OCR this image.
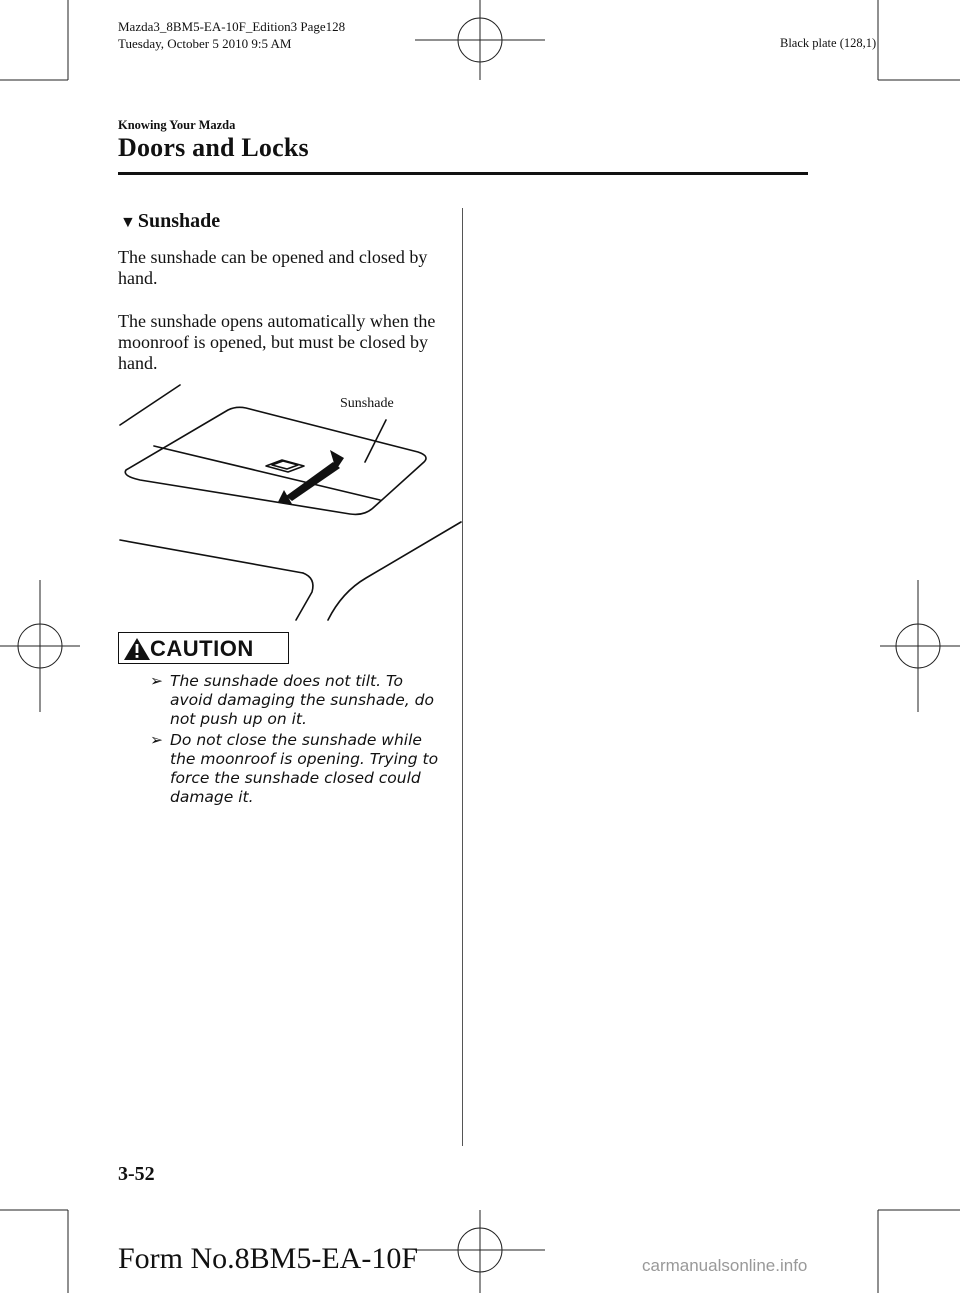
Mazda3_8BM5-EA-10F_Edition3 Page128
Tuesday, October 5 2010 9:5 AM	Black plate (128,1)
Knowing Your Mazda
Doors and Locks
▼ Sunshade
The sunshade can be opened and closed by hand.
The sunshade opens automatically when the moonroof is opened, but must be closed by hand.
Sunshade
CAUTION
➢ The sunshade does not tilt. To avoid damaging the sunshade, do not push up on it.
➢ Do not close the sunshade while the moonroof is opening. Trying to force the sunshade closed could damage it.
3-52
Form No.8BM5-EA-10F	carmanualsonline.info
